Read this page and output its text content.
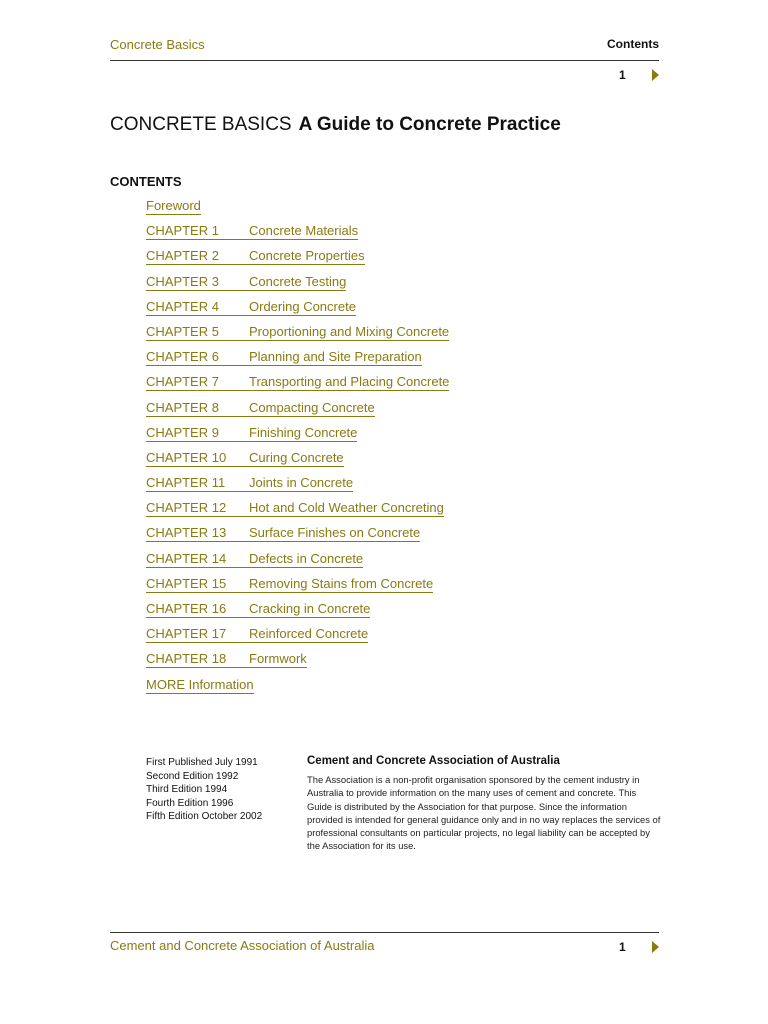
Concrete Basics	Contents
1
CONCRETE BASICS A Guide to Concrete Practice
CONTENTS
Foreword
CHAPTER 1 Concrete Materials
CHAPTER 2 Concrete Properties
CHAPTER 3 Concrete Testing
CHAPTER 4 Ordering Concrete
CHAPTER 5 Proportioning and Mixing Concrete
CHAPTER 6 Planning and Site Preparation
CHAPTER 7 Transporting and Placing Concrete
CHAPTER 8 Compacting Concrete
CHAPTER 9 Finishing Concrete
CHAPTER 10 Curing Concrete
CHAPTER 11 Joints in Concrete
CHAPTER 12 Hot and Cold Weather Concreting
CHAPTER 13 Surface Finishes on Concrete
CHAPTER 14 Defects in Concrete
CHAPTER 15 Removing Stains from Concrete
CHAPTER 16 Cracking in Concrete
CHAPTER 17 Reinforced Concrete
CHAPTER 18 Formwork
MORE Information
First Published July 1991
Second Edition 1992
Third Edition 1994
Fourth Edition 1996
Fifth Edition October 2002
Cement and Concrete Association of Australia
The Association is a non-profit organisation sponsored by the cement industry in Australia to provide information on the many uses of cement and concrete. This Guide is distributed by the Association for that purpose. Since the information provided is intended for general guidance only and in no way replaces the services of professional consultants on particular projects, no legal liability can be accepted by the Association for its use.
Cement and Concrete Association of Australia	1
